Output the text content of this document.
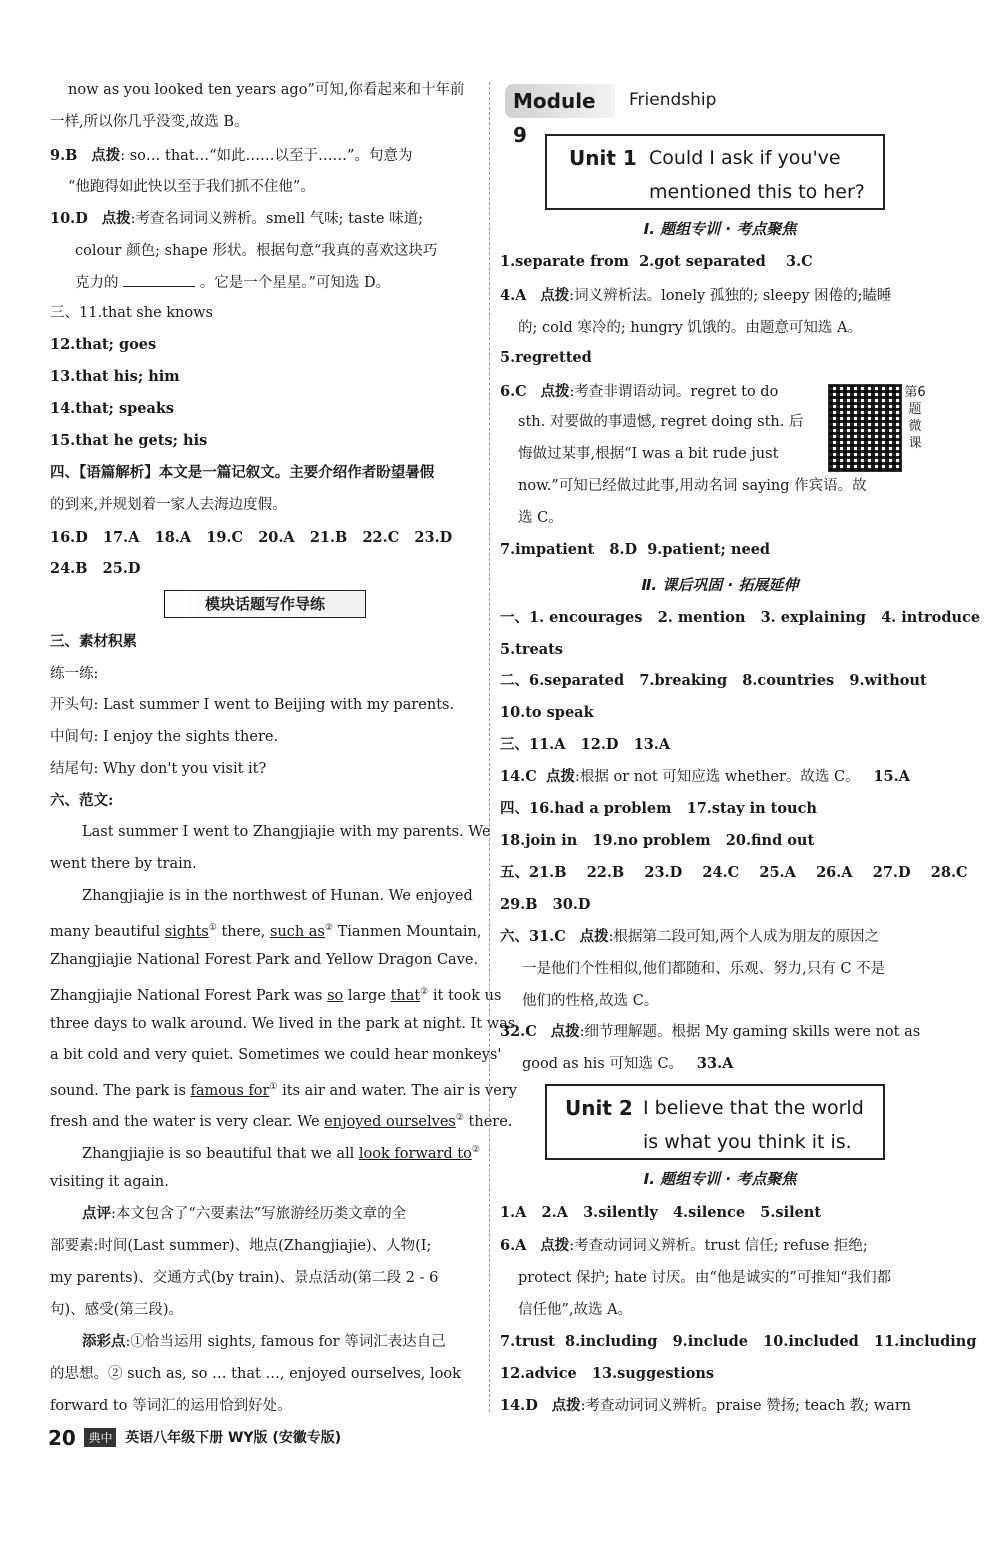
now as you looked ten years ago”可知,你看起来和十年前
一样,所以你几乎没变,故选 B。
9.B 点拨: so… that…“如此……以至于……”。句意为
“他跑得如此快以至于我们抓不住他”。
10.D 点拨:考查名词词义辨析。smell 气味; taste 味道;
colour 颜色; shape 形状。根据句意“我真的喜欢这块巧
克力的	。它是一个星星。”可知选 D。
三、11.that she knows
12.that; goes
13.that his; him
14.that; speaks
15.that he gets; his
四、【语篇解析】本文是一篇记叙文。主要介绍作者盼望暑假
的到来,并规划着一家人去海边度假。
16.D 17.A 18.A 19.C 20.A 21.B 22.C 23.D
24.B 25.D
模块话题写作导练
三、素材积累
练一练:
开头句: Last summer I went to Beijing with my parents.
中间句: I enjoy the sights there.
结尾句: Why don't you visit it?
六、范文:
Last summer I went to Zhangjiajie with my parents. We
went there by train.
Zhangjiajie is in the northwest of Hunan. We enjoyed
many beautiful sights① there, such as② Tianmen Mountain,
Zhangjiajie National Forest Park and Yellow Dragon Cave.
Zhangjiajie National Forest Park was so large that② it took us
three days to walk around. We lived in the park at night. It was
a bit cold and very quiet. Sometimes we could hear monkeys'
sound. The park is famous for① its air and water. The air is very
fresh and the water is very clear. We enjoyed ourselves② there.
Zhangjiajie is so beautiful that we all look forward to②
visiting it again.
点评:本文包含了“六要素法”写旅游经历类文章的全
部要素:时间(Last summer)、地点(Zhangjiajie)、人物(I;
my parents)、交通方式(by train)、景点活动(第二段 2 - 6
句)、感受(第三段)。
添彩点:①恰当运用 sights, famous for 等词汇表达自己
的思想。② such as, so … that …, enjoyed ourselves, look
forward to 等词汇的运用恰到好处。
Module 9
Friendship
Unit 1 Could I ask if you've
mentioned this to her?
Ⅰ. 题组专训 · 考点聚焦
1.separate from 2.got separated 3.C
4.A 点拨:词义辨析法。lonely 孤独的; sleepy 困倦的;瞌睡
的; cold 寒冷的; hungry 饥饿的。由题意可知选 A。
5.regretted
6.C 点拨:考查非谓语动词。regret to do
sth. 对要做的事遗憾, regret doing sth. 后
悔做过某事,根据“I was a bit rude just
now.”可知已经做过此事,用动名词 saying 作宾语。故
选 C。
7.impatient 8.D 9.patient; need
第6题微课
Ⅱ. 课后巩固 · 拓展延伸
一、1. encourages 2. mention 3. explaining 4. introduce
5.treats
二、6.separated 7.breaking 8.countries 9.without
10.to speak
三、11.A 12.D 13.A
14.C 点拨:根据 or not 可知应选 whether。故选 C。 15.A
四、16.had a problem 17.stay in touch
18.join in 19.no problem 20.find out
五、21.B 22.B 23.D 24.C 25.A 26.A 27.D 28.C
29.B 30.D
六、31.C 点拨:根据第二段可知,两个人成为朋友的原因之
一是他们个性相似,他们都随和、乐观、努力,只有 C 不是
他们的性格,故选 C。
32.C 点拨:细节理解题。根据 My gaming skills were not as
good as his 可知选 C。 33.A
Unit 2 I believe that the world
is what you think it is.
Ⅰ. 题组专训 · 考点聚焦
1.A 2.A 3.silently 4.silence 5.silent
6.A 点拨:考查动词词义辨析。trust 信任; refuse 拒绝;
protect 保护; hate 讨厌。由“他是诚实的”可推知“我们都
信任他”,故选 A。
7.trust 8.including 9.include 10.included 11.including
12.advice 13.suggestions
14.D 点拨:考查动词词义辨析。praise 赞扬; teach 教; warn
20 典中 英语八年级下册 WY版 (安徽专版)
